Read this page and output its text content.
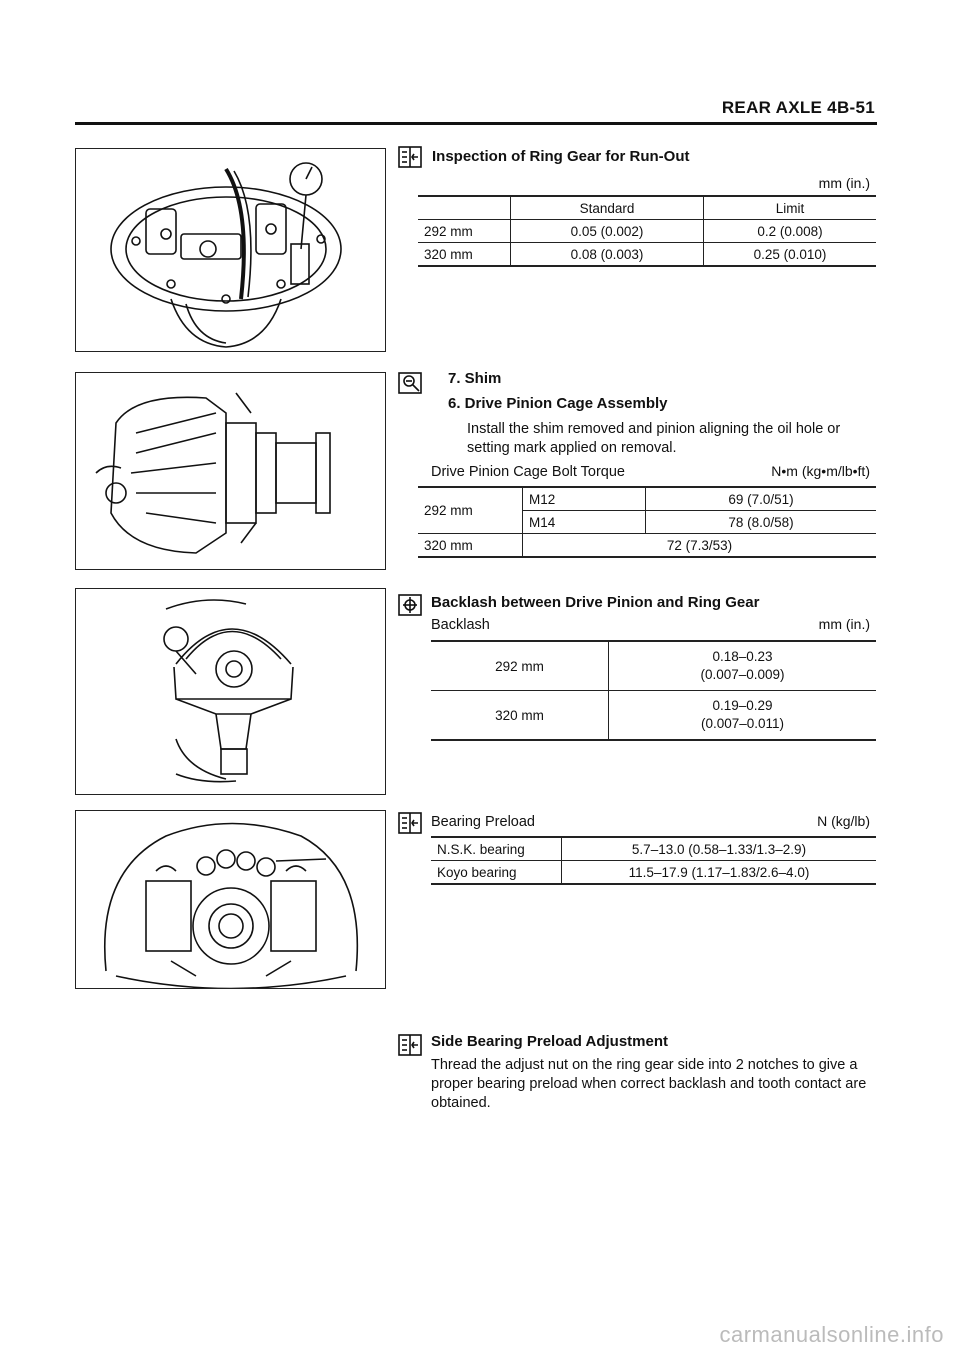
REAR AXLE 4B-51
Inspection of Ring Gear for Run-Out
mm (in.)
	Standard	Limit
292 mm	0.05 (0.002)	0.2 (0.008)
320 mm	0.08 (0.003)	0.25 (0.010)
7. Shim
6. Drive Pinion Cage Assembly
Install the shim removed and pinion aligning the oil hole or setting mark applied on removal.
Drive Pinion Cage Bolt Torque	N•m (kg•m/lb•ft)
292 mm	M12	69 (7.0/51)
	M14	78 (8.0/58)
320 mm	72 (7.3/53)	
Backlash between Drive Pinion and Ring Gear
Backlash	mm (in.)
292 mm	0.18–0.23
(0.007–0.009)

320 mm	0.19–0.29
(0.007–0.011)
Bearing Preload	N (kg/lb)
N.S.K. bearing	5.7–13.0 (0.58–1.33/1.3–2.9)
Koyo bearing	11.5–17.9 (1.17–1.83/2.6–4.0)
Side Bearing Preload Adjustment
Thread the adjust nut on the ring gear side into 2 notches to give a proper bearing preload when correct backlash and tooth contact are obtained.
carmanualsonline.info
